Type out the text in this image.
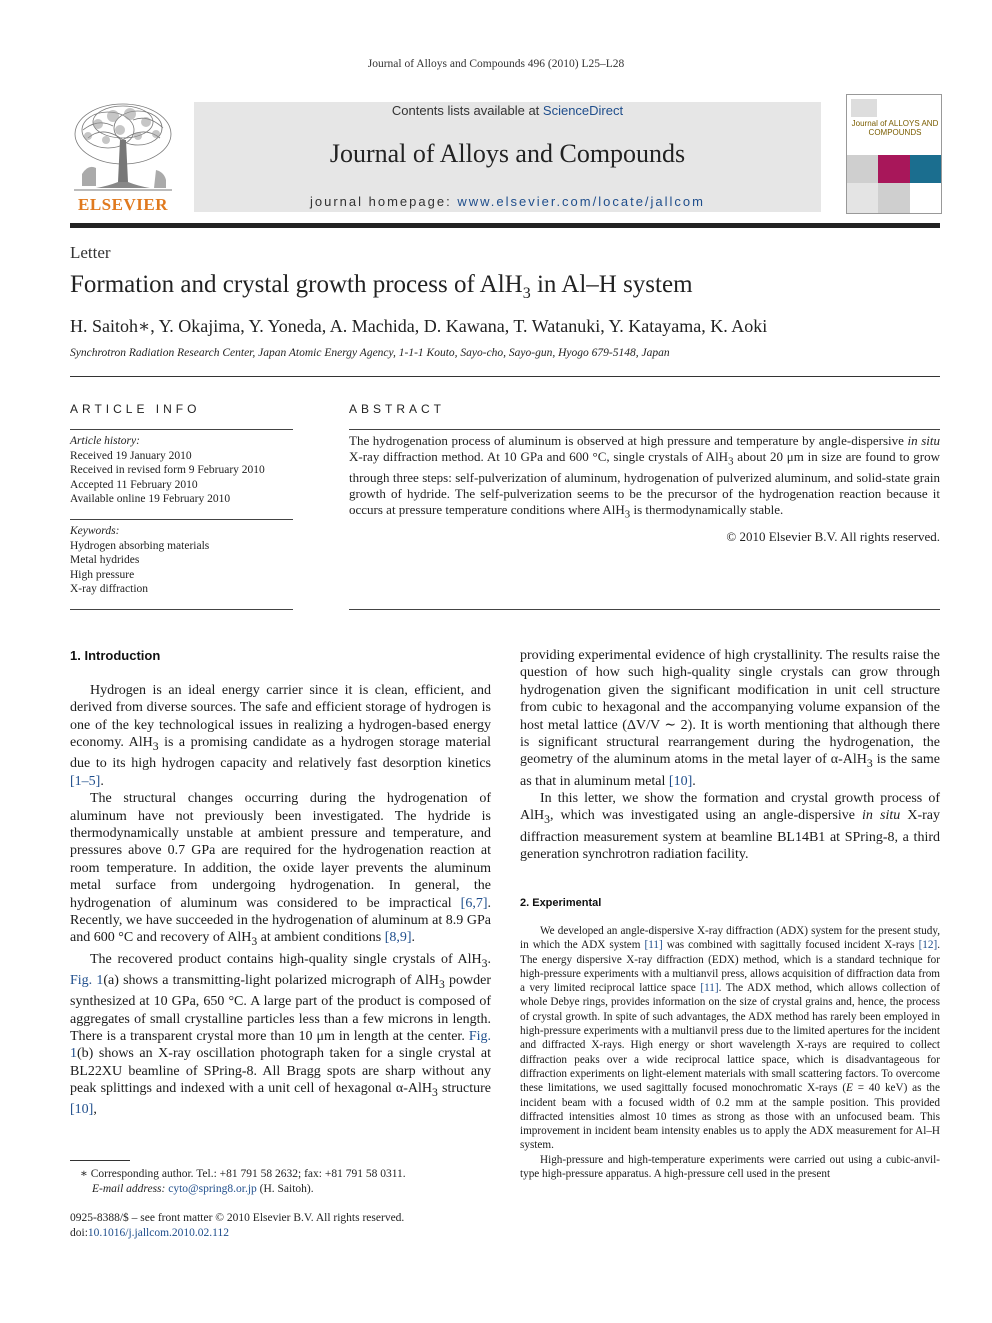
Journal of Alloys and Compounds 496 (2010) L25–L28
ELSEVIER
Contents lists available at ScienceDirect
Journal of Alloys and Compounds
journal homepage: www.elsevier.com/locate/jallcom
Journal of ALLOYS AND COMPOUNDS
Letter
Formation and crystal growth process of AlH$_3$ in Al–H system
H. Saitoh∗, Y. Okajima, Y. Yoneda, A. Machida, D. Kawana, T. Watanuki, Y. Katayama, K. Aoki
Synchrotron Radiation Research Center, Japan Atomic Energy Agency, 1-1-1 Kouto, Sayo-cho, Sayo-gun, Hyogo 679-5148, Japan
ARTICLE INFO
Article history:
Received 19 January 2010
Received in revised form 9 February 2010
Accepted 11 February 2010
Available online 19 February 2010
Keywords:
Hydrogen absorbing materials
Metal hydrides
High pressure
X-ray diffraction
ABSTRACT
The hydrogenation process of aluminum is observed at high pressure and temperature by angle-dispersive in situ X-ray diffraction method. At 10 GPa and 600 °C, single crystals of AlH$_3$ about 20 μm in size are found to grow through three steps: self-pulverization of aluminum, hydrogenation of pulverized aluminum, and solid-state grain growth of hydride. The self-pulverization seems to be the precursor of the hydrogenation reaction because it occurs at pressure temperature conditions where AlH$_3$ is thermodynamically stable.
© 2010 Elsevier B.V. All rights reserved.
1. Introduction

Hydrogen is an ideal energy carrier since it is clean, efficient, and derived from diverse sources. The safe and efficient storage of hydrogen is one of the key technological issues in realizing a hydrogen-based energy economy. AlH$_3$ is a promising candidate as a hydrogen storage material due to its high hydrogen capacity and relatively fast desorption kinetics [1–5].

The structural changes occurring during the hydrogenation of aluminum have not previously been investigated. The hydride is thermodynamically unstable at ambient pressure and temperature, and pressures above 0.7 GPa are required for the hydrogenation reaction at room temperature. In addition, the oxide layer prevents the aluminum metal surface from undergoing hydrogenation. In general, the hydrogenation of aluminum was considered to be impractical [6,7]. Recently, we have succeeded in the hydrogenation of aluminum at 8.9 GPa and 600 °C and recovery of AlH$_3$ at ambient conditions [8,9].

The recovered product contains high-quality single crystals of AlH$_3$. Fig. 1(a) shows a transmitting-light polarized micrograph of AlH$_3$ powder synthesized at 10 GPa, 650 °C. A large part of the product is composed of aggregates of small crystalline particles less than a few microns in length. There is a transparent crystal more than 10 μm in length at the center. Fig. 1(b) shows an X-ray oscillation photograph taken for a single crystal at BL22XU beamline of SPring-8. All Bragg spots are sharp without any peak splittings and indexed with a unit cell of hexagonal α-AlH$_3$ structure [10],

∗ Corresponding author. Tel.: +81 791 58 2632; fax: +81 791 58 0311.
E-mail address: cyto@spring8.or.jp (H. Saitoh).
0925-8388/$ – see front matter © 2010 Elsevier B.V. All rights reserved.
doi:10.1016/j.jallcom.2010.02.112

providing experimental evidence of high crystallinity. The results raise the question of how such high-quality single crystals can grow through hydrogenation given the significant modification in unit cell structure from cubic to hexagonal and the accompanying volume expansion of the host metal lattice (ΔV/V ∼ 2). It is worth mentioning that although there is significant structural rearrangement during the hydrogenation, the geometry of the aluminum atoms in the metal layer of α-AlH$_3$ is the same as that in aluminum metal [10].

In this letter, we show the formation and crystal growth process of AlH$_3$, which was investigated using an angle-dispersive in situ X-ray diffraction measurement system at beamline BL14B1 at SPring-8, a third generation synchrotron radiation facility.

2. Experimental

We developed an angle-dispersive X-ray diffraction (ADX) system for the present study, in which the ADX system [11] was combined with sagittally focused incident X-rays [12]. The energy dispersive X-ray diffraction (EDX) method, which is a standard technique for high-pressure experiments with a multianvil press, allows acquisition of diffraction data from a very limited reciprocal lattice space [11]. The ADX method, which allows collection of whole Debye rings, provides information on the size of crystal grains and, hence, the process of crystal growth. In spite of such advantages, the ADX method has rarely been employed in high-pressure experiments with a multianvil press due to the limited apertures for the incident and diffracted X-rays. High energy or short wavelength X-rays are required to collect diffraction peaks over a wide reciprocal lattice space, which is disadvantageous for diffraction experiments on light-element materials with small scattering factors. To overcome these limitations, we used sagittally focused monochromatic X-rays (E = 40 keV) as the incident beam with a focused width of 0.2 mm at the sample position. This provided diffracted intensities almost 10 times as strong as those with an unfocused beam. This improvement in incident beam intensity enables us to apply the ADX measurement for Al–H system.

High-pressure and high-temperature experiments were carried out using a cubic-anvil-type high-pressure apparatus. A high-pressure cell used in the present
